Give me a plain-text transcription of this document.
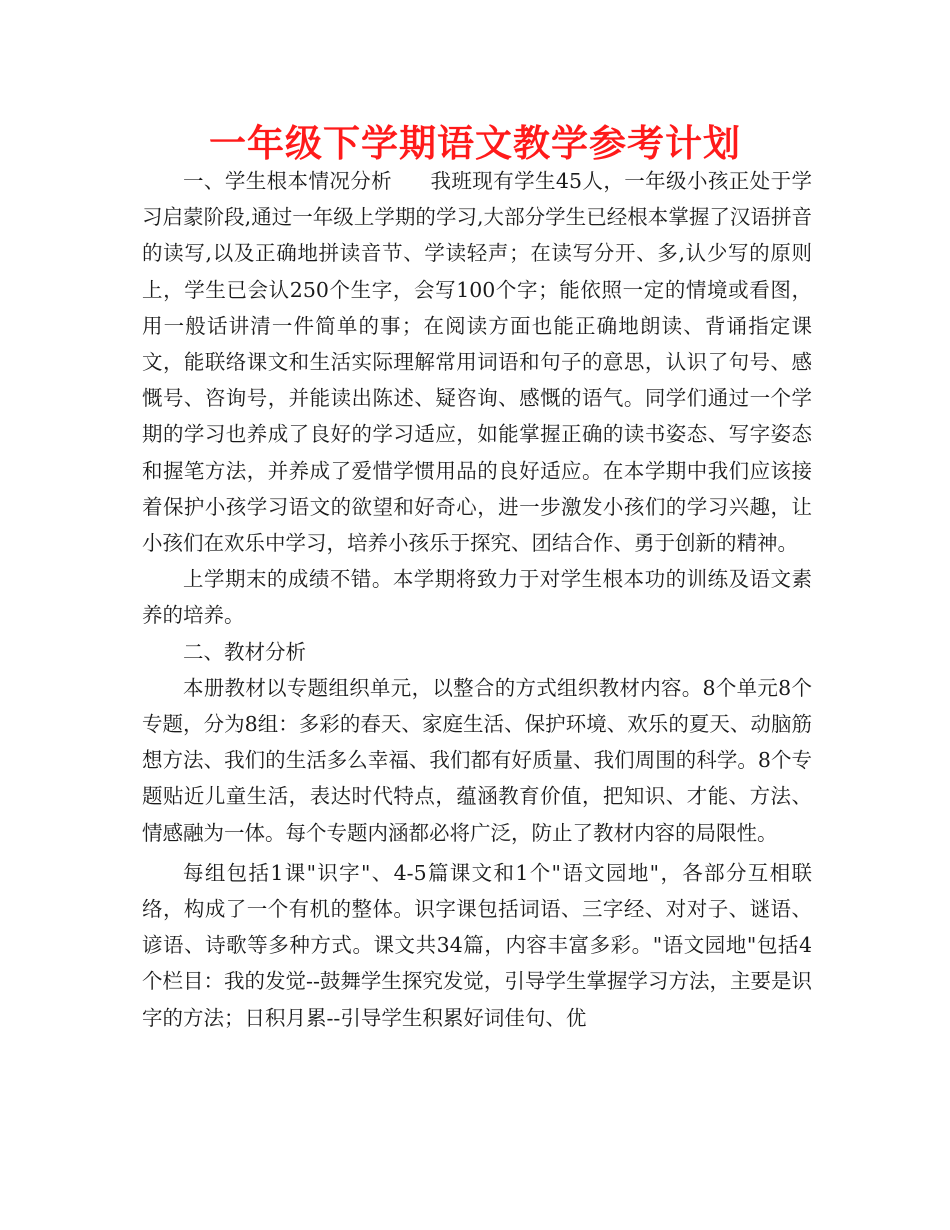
一年级下学期语文教学参考计划

一、学生根本情况分析 我班现有学生45人，一年级小孩正处于学习启蒙阶段,通过一年级上学期的学习,大部分学生已经根本掌握了汉语拼音的读写,以及正确地拼读音节、学读轻声；在读写分开、多,认少写的原则上，学生已会认250个生字，会写100个字；能依照一定的情境或看图，用一般话讲清一件简单的事；在阅读方面也能正确地朗读、背诵指定课文，能联络课文和生活实际理解常用词语和句子的意思，认识了句号、感慨号、咨询号，并能读出陈述、疑咨询、感慨的语气。同学们通过一个学期的学习也养成了良好的学习适应，如能掌握正确的读书姿态、写字姿态和握笔方法，并养成了爱惜学惯用品的良好适应。在本学期中我们应该接着保护小孩学习语文的欲望和好奇心，进一步激发小孩们的学习兴趣，让小孩们在欢乐中学习，培养小孩乐于探究、团结合作、勇于创新的精神。

上学期末的成绩不错。本学期将致力于对学生根本功的训练及语文素养的培养。

二、教材分析

本册教材以专题组织单元，以整合的方式组织教材内容。8个单元8个专题，分为8组：多彩的春天、家庭生活、保护环境、欢乐的夏天、动脑筋想方法、我们的生活多么幸福、我们都有好质量、我们周围的科学。8个专题贴近儿童生活，表达时代特点，蕴涵教育价值，把知识、才能、方法、情感融为一体。每个专题内涵都必将广泛，防止了教材内容的局限性。

每组包括1课"识字"、4-5篇课文和1个"语文园地"，各部分互相联络，构成了一个有机的整体。识字课包括词语、三字经、对对子、谜语、谚语、诗歌等多种方式。课文共34篇，内容丰富多彩。"语文园地"包括4个栏目：我的发觉--鼓舞学生探究发觉，引导学生掌握学习方法，主要是识字的方法；日积月累--引导学生积累好词佳句、优
